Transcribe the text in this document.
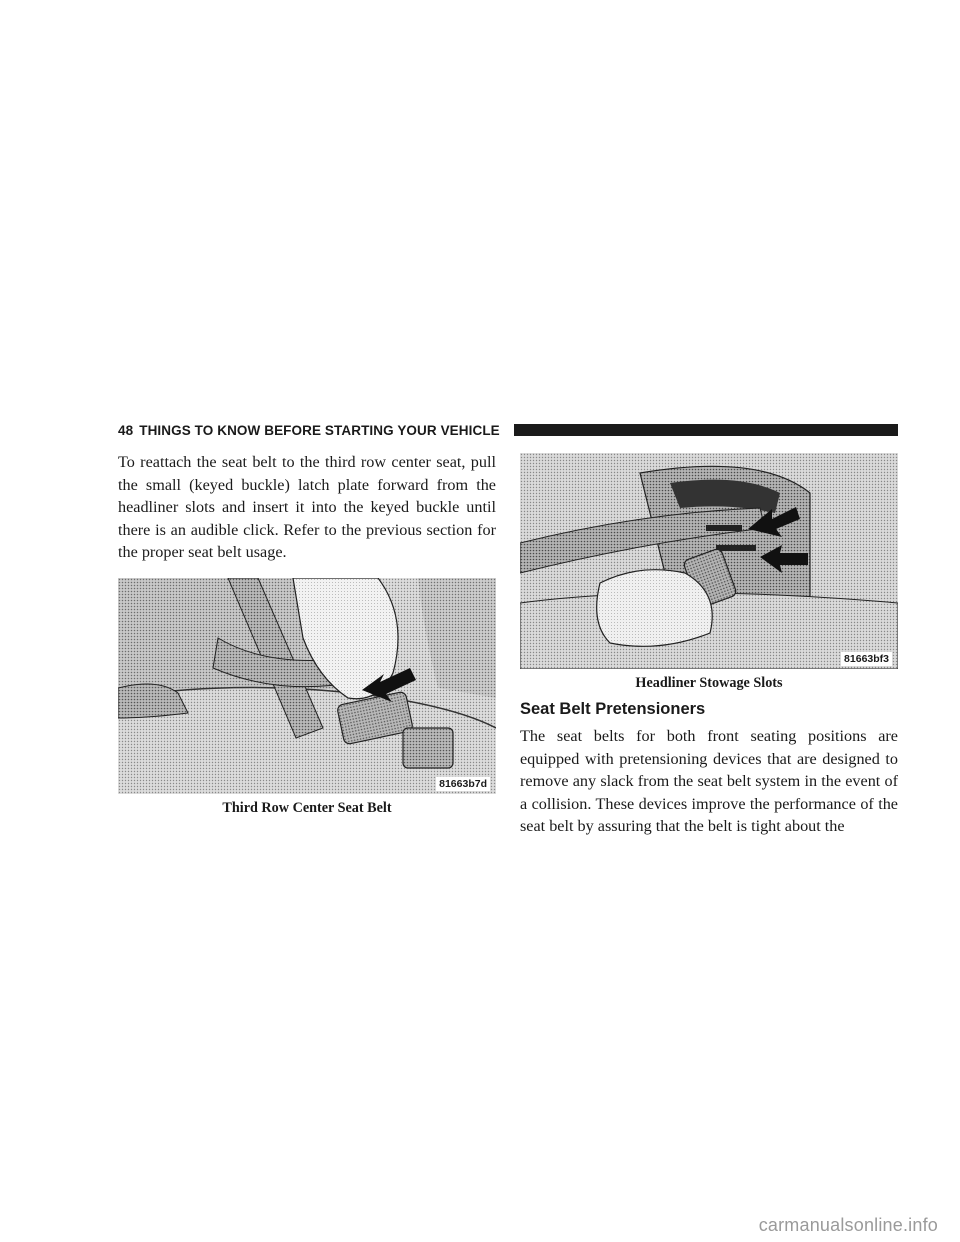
48 THINGS TO KNOW BEFORE STARTING YOUR VEHICLE

To reattach the seat belt to the third row center seat, pull the small (keyed buckle) latch plate forward from the headliner slots and insert it into the keyed buckle until there is an audible click. Refer to the previous section for the proper seat belt usage.

81663b7d
Third Row Center Seat Belt
81663bf3
Headliner Stowage Slots
Seat Belt Pretensioners

The seat belts for both front seating positions are equipped with pretensioning devices that are designed to remove any slack from the seat belt system in the event of a collision. These devices improve the performance of the seat belt by assuring that the belt is tight about the

carmanualsonline.info
